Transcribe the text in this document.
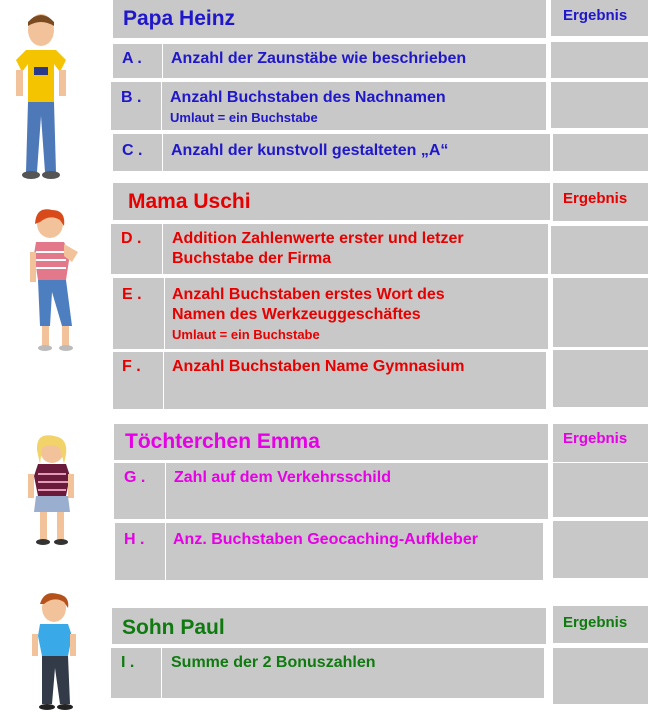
Papa Heinz	Ergebnis
A . Anzahl der Zaunstäbe wie beschrieben
B . Anzahl Buchstaben des Nachnamen
Umlaut = ein Buchstabe
C . Anzahl der kunstvoll gestalteten „A“
Mama Uschi	Ergebnis
D . Addition Zahlenwerte erster und letzer
Buchstabe der Firma
E . Anzahl Buchstaben erstes Wort des
Namen des Werkzeuggeschäftes
Umlaut = ein Buchstabe
F . Anzahl Buchstaben Name Gymnasium
Töchterchen Emma	Ergebnis
G . Zahl auf dem Verkehrsschild
H . Anz. Buchstaben Geocaching-Aufkleber
Sohn Paul	Ergebnis
I . Summe der 2 Bonuszahlen
